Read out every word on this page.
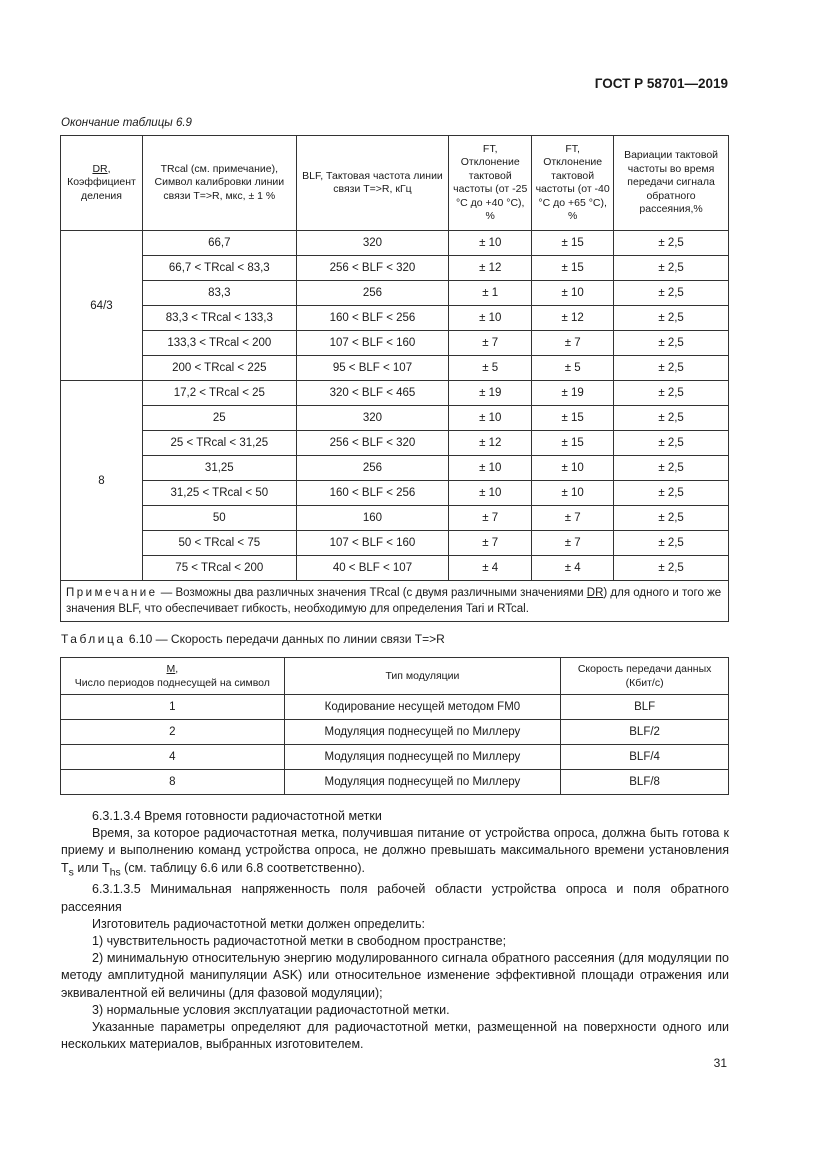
ГОСТ Р 58701—2019
Окончание таблицы 6.9
DR, Коэффициент деления	TRcal (см. примечание), Символ калибровки линии связи T=>R, мкс, ± 1 %	BLF, Тактовая частота линии связи T=>R, кГц	FT, Отклонение тактовой частоты (от -25 °С до +40 °С), %	FT, Отклонение тактовой частоты (от -40 °С до +65 °С), %	Вариации тактовой частоты во время передачи сигнала обратного рассеяния,%
64/3	66,7	320	± 10	± 15	± 2,5
	66,7 < TRcal < 83,3	256 < BLF < 320	± 12	± 15	± 2,5
	83,3	256	± 1	± 10	± 2,5
	83,3 < TRcal < 133,3	160 < BLF < 256	± 10	± 12	± 2,5
	133,3 < TRcal < 200	107 < BLF < 160	± 7	± 7	± 2,5
	200 < TRcal < 225	95 < BLF < 107	± 5	± 5	± 2,5
8	17,2 < TRcal < 25	320 < BLF < 465	± 19	± 19	± 2,5
	25	320	± 10	± 15	± 2,5
	25 < TRcal < 31,25	256 < BLF < 320	± 12	± 15	± 2,5
	31,25	256	± 10	± 10	± 2,5
	31,25 < TRcal < 50	160 < BLF < 256	± 10	± 10	± 2,5
	50	160	± 7	± 7	± 2,5
	50 < TRcal < 75	107 < BLF < 160	± 7	± 7	± 2,5
	75 < TRcal < 200	40 < BLF < 107	± 4	± 4	± 2,5
Примечание — Возможны два различных значения TRcal (с двумя различными значениями DR) для одного и того же значения BLF, что обеспечивает гибкость, необходимую для определения Tari и RTcal.					
Таблица 6.10 — Скорость передачи данных по линии связи T=>R
M,
Число периодов поднесущей на символ	Тип модуляции	Скорость передачи данных (Кбит/с)
1	Кодирование несущей методом FM0	BLF
2	Модуляция поднесущей по Миллеру	BLF/2
4	Модуляция поднесущей по Миллеру	BLF/4
8	Модуляция поднесущей по Миллеру	BLF/8

6.3.1.3.4 Время готовности радиочастотной метки

Время, за которое радиочастотная метка, получившая питание от устройства опроса, должна быть готова к приему и выполнению команд устройства опроса, не должно превышать максимального времени установления $T_s$ или $T_{hs}$ (см. таблицу 6.6 или 6.8 соответственно).

6.3.1.3.5 Минимальная напряженность поля рабочей области устройства опроса и поля обратного рассеяния

Изготовитель радиочастотной метки должен определить:

1) чувствительность радиочастотной метки в свободном пространстве;

2) минимальную относительную энергию модулированного сигнала обратного рассеяния (для модуляции по методу амплитудной манипуляции ASK) или относительное изменение эффективной площади отражения или эквивалентной ей величины (для фазовой модуляции);

3) нормальные условия эксплуатации радиочастотной метки.

Указанные параметры определяют для радиочастотной метки, размещенной на поверхности одного или нескольких материалов, выбранных изготовителем.

31
